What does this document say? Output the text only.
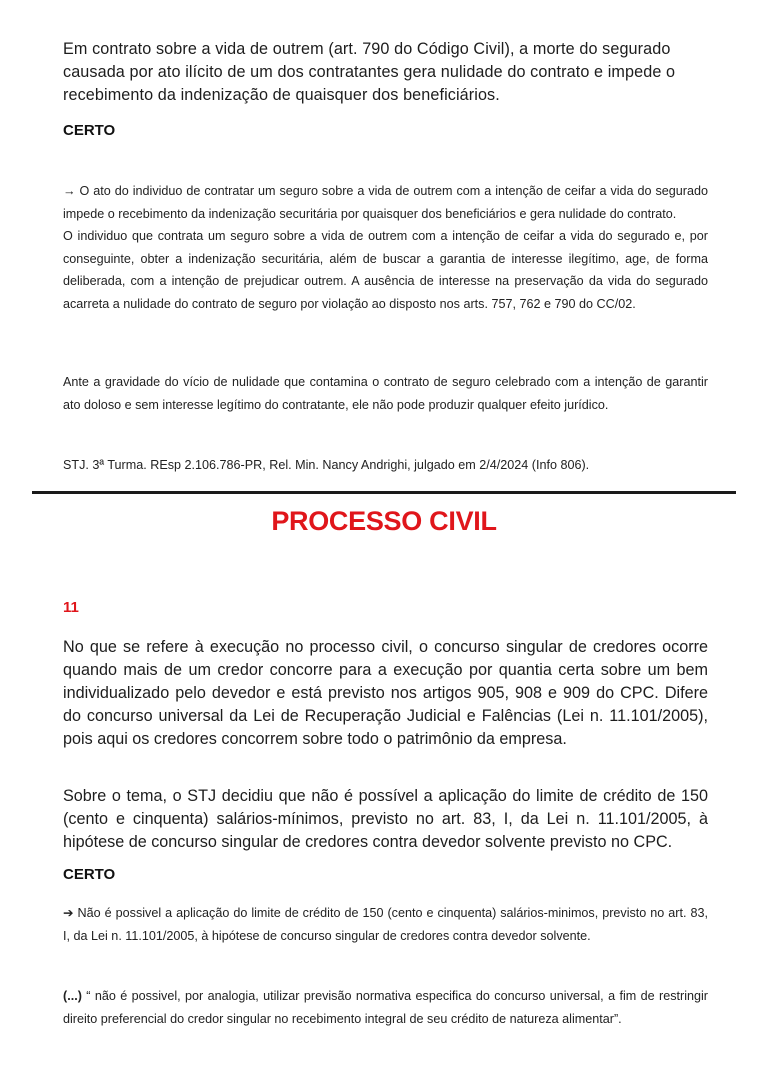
Em contrato sobre a vida de outrem (art. 790 do Código Civil), a morte do segurado causada por ato ilícito de um dos contratantes gera nulidade do contrato e impede o recebimento da indenização de quaisquer dos beneficiários.
CERTO

→ O ato do individuo de contratar um seguro sobre a vida de outrem com a intenção de ceifar a vida do segurado impede o recebimento da indenização securitária por quaisquer dos beneficiários e gera nulidade do contrato.

O individuo que contrata um seguro sobre a vida de outrem com a intenção de ceifar a vida do segurado e, por conseguinte, obter a indenização securitária, além de buscar a garantia de interesse ilegítimo, age, de forma deliberada, com a intenção de prejudicar outrem. A ausência de interesse na preservação da vida do segurado acarreta a nulidade do contrato de seguro por violação ao disposto nos arts. 757, 762 e 790 do CC/02.

Ante a gravidade do vício de nulidade que contamina o contrato de seguro celebrado com a intenção de garantir ato doloso e sem interesse legítimo do contratante, ele não pode produzir qualquer efeito jurídico.

STJ. 3ª Turma. REsp 2.106.786-PR, Rel. Min. Nancy Andrighi, julgado em 2/4/2024 (Info 806).

PROCESSO CIVIL
11

No que se refere à execução no processo civil, o concurso singular de credores ocorre quando mais de um credor concorre para a execução por quantia certa sobre um bem individualizado pelo devedor e está previsto nos artigos 905, 908 e 909 do CPC. Difere do concurso universal da Lei de Recuperação Judicial e Falências (Lei n. 11.101/2005), pois aqui os credores concorrem sobre todo o patrimônio da empresa.

Sobre o tema, o STJ decidiu que não é possível a aplicação do limite de crédito de 150 (cento e cinquenta) salários-mínimos, previsto no art. 83, I, da Lei n. 11.101/2005, à hipótese de concurso singular de credores contra devedor solvente previsto no CPC.

CERTO

➔ Não é possivel a aplicação do limite de crédito de 150 (cento e cinquenta) salários-minimos, previsto no art. 83, I, da Lei n. 11.101/2005, à hipótese de concurso singular de credores contra devedor solvente.

(...) “ não é possivel, por analogia, utilizar previsão normativa especifica do concurso universal, a fim de restringir direito preferencial do credor singular no recebimento integral de seu crédito de natureza alimentar”.
